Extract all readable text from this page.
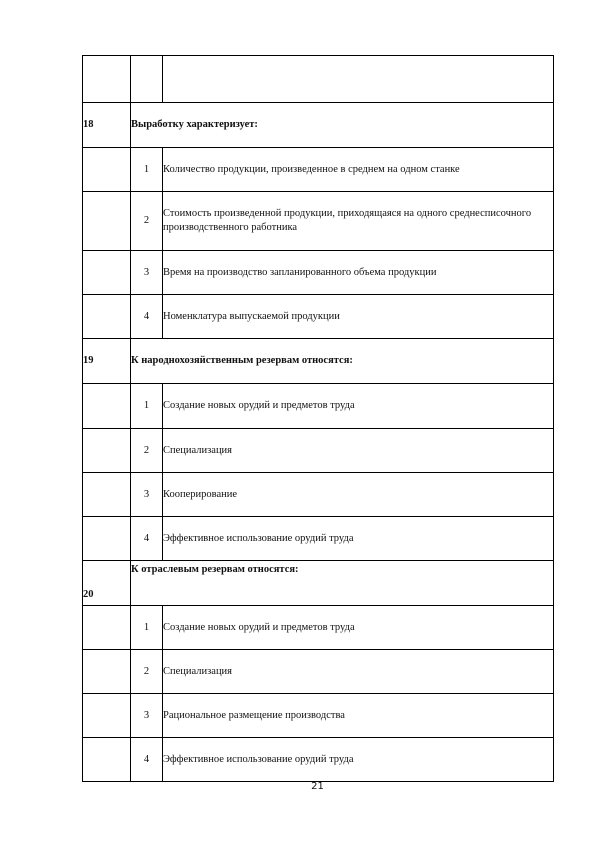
18	Выработку характеризует:	
	1	Количество продукции, произведенное в среднем на одном станке
	2	Стоимость произведенной продукции, приходящаяся на одного среднесписочного производственного работника
	3	Время на производство запланированного объема продукции
	4	Номенклатура выпускаемой продукции
19	К народнохозяйственным резервам относятся:	
	1	Создание новых орудий и предметов труда
	2	Специализация
	3	Кооперирование
	4	Эффективное использование орудий труда
20	К отраслевым резервам относятся:	
	1	Создание новых орудий и предметов труда
	2	Специализация
	3	Рациональное размещение производства
	4	Эффективное использование орудий труда
21
